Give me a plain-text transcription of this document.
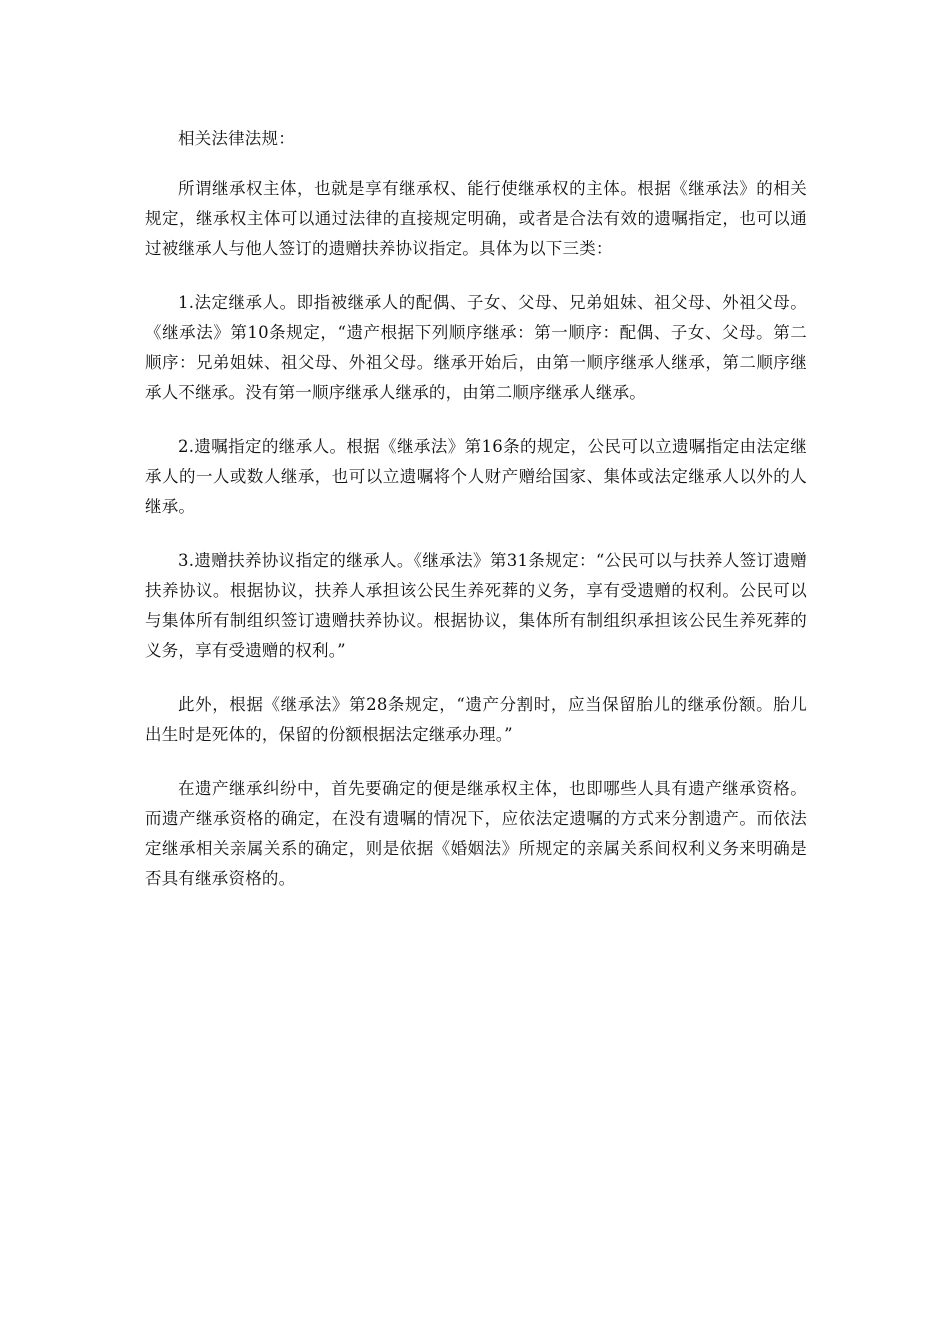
相关法律法规：

所谓继承权主体，也就是享有继承权、能行使继承权的主体。根据《继承法》的相关规定，继承权主体可以通过法律的直接规定明确，或者是合法有效的遗嘱指定，也可以通过被继承人与他人签订的遗赠扶养协议指定。具体为以下三类：

1.法定继承人。即指被继承人的配偶、子女、父母、兄弟姐妹、祖父母、外祖父母。《继承法》第10条规定，“遗产根据下列顺序继承：第一顺序：配偶、子女、父母。第二顺序：兄弟姐妹、祖父母、外祖父母。继承开始后，由第一顺序继承人继承，第二顺序继承人不继承。没有第一顺序继承人继承的，由第二顺序继承人继承。

2.遗嘱指定的继承人。根据《继承法》第16条的规定，公民可以立遗嘱指定由法定继承人的一人或数人继承，也可以立遗嘱将个人财产赠给国家、集体或法定继承人以外的人继承。

3.遗赠扶养协议指定的继承人。《继承法》第31条规定：“公民可以与扶养人签订遗赠扶养协议。根据协议，扶养人承担该公民生养死葬的义务，享有受遗赠的权利。公民可以与集体所有制组织签订遗赠扶养协议。根据协议，集体所有制组织承担该公民生养死葬的义务，享有受遗赠的权利。”

此外，根据《继承法》第28条规定，“遗产分割时，应当保留胎儿的继承份额。胎儿出生时是死体的，保留的份额根据法定继承办理。”

在遗产继承纠纷中，首先要确定的便是继承权主体，也即哪些人具有遗产继承资格。而遗产继承资格的确定，在没有遗嘱的情况下，应依法定遗嘱的方式来分割遗产。而依法定继承相关亲属关系的确定，则是依据《婚姻法》所规定的亲属关系间权利义务来明确是否具有继承资格的。
